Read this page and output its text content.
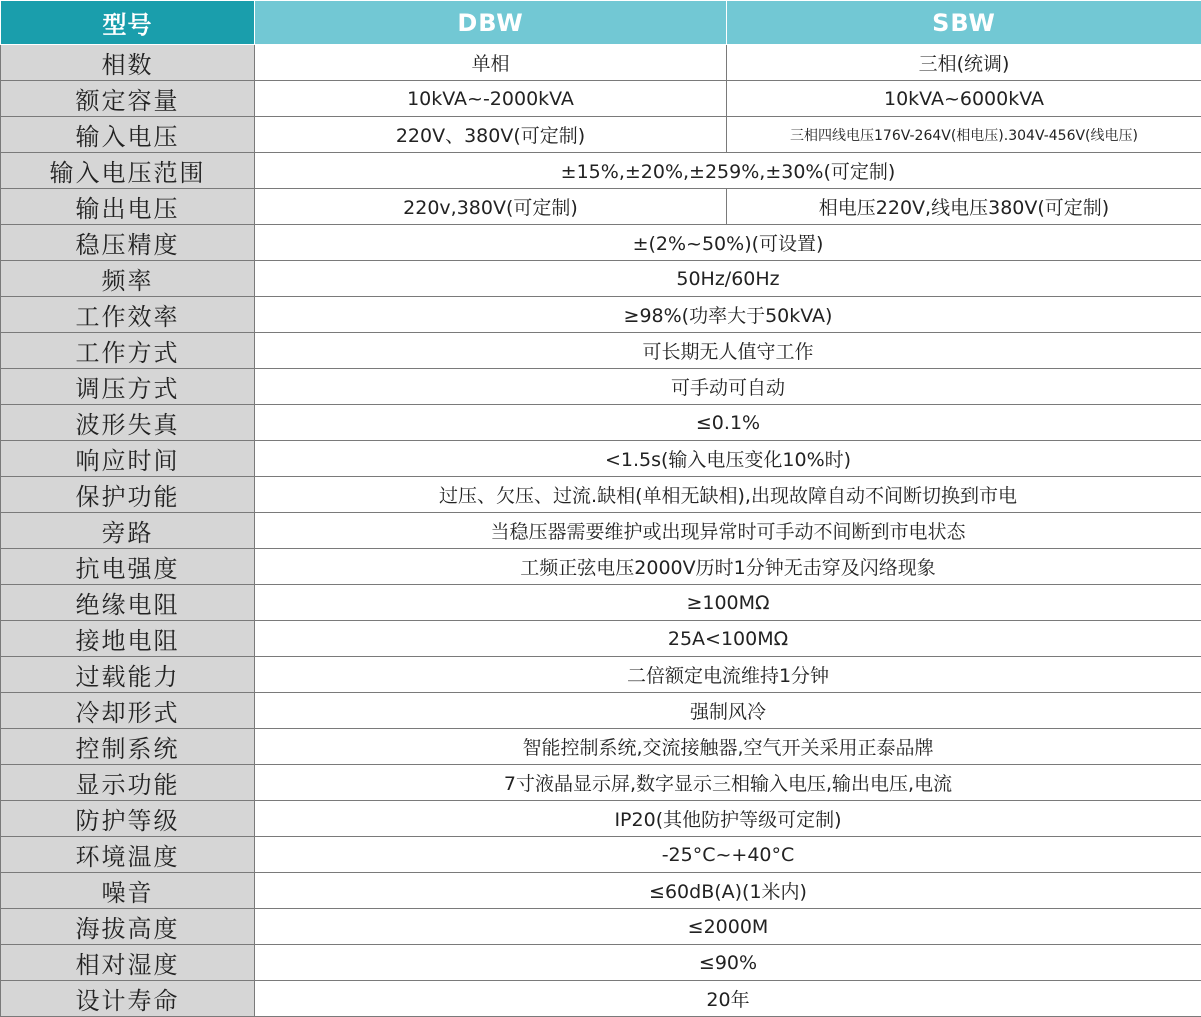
型号	DBW	SBW
相数	单相	三相(统调)
额定容量	10kVA~-2000kVA	10kVA~6000kVA
输入电压	220V、380V(可定制)	三相四线电压176V-264V(相电压).304V-456V(线电压)
输入电压范围	±15%,±20%,±259%,±30%(可定制)	
输出电压	220v,380V(可定制)	相电压220V,线电压380V(可定制)
稳压精度	±(2%~50%)(可设置)	
频率	50Hz/60Hz	
工作效率	≥98%(功率大于50kVA)	
工作方式	可长期无人值守工作	
调压方式	可手动可自动	
波形失真	≤0.1%	
响应时间	<1.5s(输入电压变化10%时)	
保护功能	过压、欠压、过流.缺相(单相无缺相),出现故障自动不间断切换到市电	
旁路	当稳压器需要维护或出现异常时可手动不间断到市电状态	
抗电强度	工频正弦电压2000V历时1分钟无击穿及闪络现象	
绝缘电阻	≥100MΩ	
接地电阻	25A<100MΩ	
过载能力	二倍额定电流维持1分钟	
冷却形式	强制风冷	
控制系统	智能控制系统,交流接触器,空气开关采用正泰品牌	
显示功能	7寸液晶显示屏,数字显示三相输入电压,输出电压,电流	
防护等级	IP20(其他防护等级可定制)	
环境温度	-25°C~+40°C	
噪音	≤60dB(A)(1米内)	
海拔高度	≤2000M	
相对湿度	≤90%	
设计寿命	20年	
